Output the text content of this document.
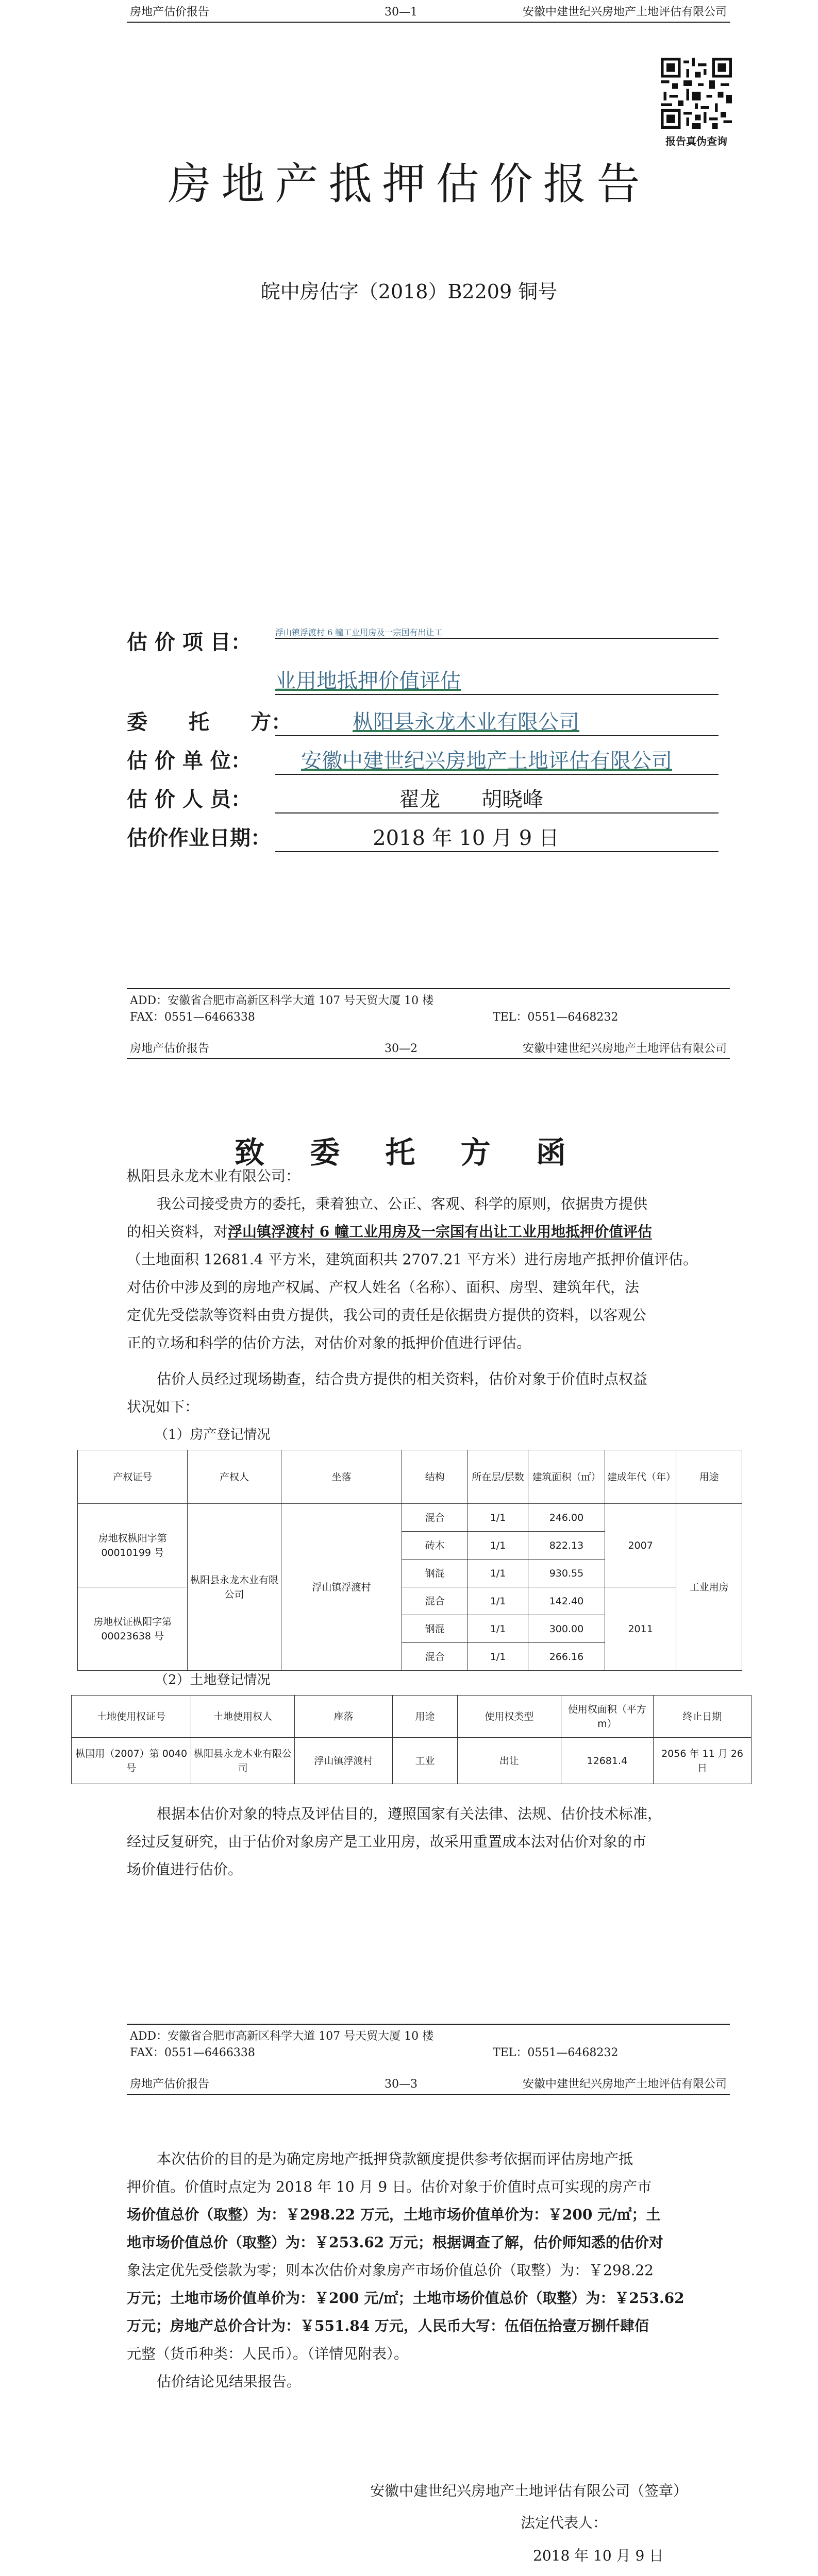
房地产估价报告	30—1	安徽中建世纪兴房地产土地评估有限公司
报告真伪查询
房地产抵押估价报告
皖中房估字（2018）B2209 铜号
估 价 项 目：	浮山镇浮渡村 6 幢工业用房及一宗国有出让工
业用地抵押价值评估
委　　托　　方：	枞阳县永龙木业有限公司
估 价 单 位：	安徽中建世纪兴房地产土地评估有限公司
估 价 人 员：	翟龙　　胡晓峰
估价作业日期：	2018 年 10 月 9 日
ADD：安徽省合肥市高新区科学大道 107 号天贸大厦 10 楼
FAX：0551—6466338	TEL：0551—6468232
房地产估价报告	30—2	安徽中建世纪兴房地产土地评估有限公司
致 委 托 方 函
枞阳县永龙木业有限公司：
我公司接受贵方的委托，秉着独立、公正、客观、科学的原则，依据贵方提供
的相关资料，对浮山镇浮渡村 6 幢工业用房及一宗国有出让工业用地抵押价值评估
（土地面积 12681.4 平方米，建筑面积共 2707.21 平方米）进行房地产抵押价值评估。
对估价中涉及到的房地产权属、产权人姓名（名称）、面积、房型、建筑年代，法
定优先受偿款等资料由贵方提供，我公司的责任是依据贵方提供的资料，以客观公
正的立场和科学的估价方法，对估价对象的抵押价值进行评估。
估价人员经过现场勘查，结合贵方提供的相关资料，估价对象于价值时点权益
状况如下：
（1）房产登记情况
产权证号	产权人	坐落	结构	所在层/层数	建筑面积（㎡）	建成年代（年）	用途
房地权枞阳字第 00010199 号	枞阳县永龙木业有限公司	浮山镇浮渡村	混合	1/1	246.00	2007	工业用房
			砖木	1/1	822.13		
			钢混	1/1	930.55		
房地权证枞阳字第 00023638 号			混合	1/1	142.40	2011	
			钢混	1/1	300.00		
			混合	1/1	266.16		
（2）土地登记情况
土地使用权证号	土地使用权人	座落	用途	使用权类型	使用权面积（平方m）	终止日期
枞国用（2007）第 0040 号	枞阳县永龙木业有限公司	浮山镇浮渡村	工业	出让	12681.4	2056 年 11 月 26 日
根据本估价对象的特点及评估目的，遵照国家有关法律、法规、估价技术标准，
经过反复研究，由于估价对象房产是工业用房，故采用重置成本法对估价对象的市
场价值进行估价。
ADD：安徽省合肥市高新区科学大道 107 号天贸大厦 10 楼
FAX：0551—6466338	TEL：0551—6468232
房地产估价报告	30—3	安徽中建世纪兴房地产土地评估有限公司
本次估价的目的是为确定房地产抵押贷款额度提供参考依据而评估房地产抵
押价值。价值时点定为 2018 年 10 月 9 日。估价对象于价值时点可实现的房产市
场价值总价（取整）为：￥298.22 万元，土地市场价值单价为：￥200 元/㎡；土
地市场价值总价（取整）为：￥253.62 万元；根据调查了解，估价师知悉的估价对
象法定优先受偿款为零；则本次估价对象房产市场价值总价（取整）为：￥298.22
万元；土地市场价值单价为：￥200 元/㎡；土地市场价值总价（取整）为：￥253.62
万元；房地产总价合计为：￥551.84 万元，人民币大写：伍佰伍拾壹万捌仟肆佰
元整（货币种类：人民币）。（详情见附表）。
估价结论见结果报告。
安徽中建世纪兴房地产土地评估有限公司（签章）
法定代表人：
2018 年 10 月 9 日
